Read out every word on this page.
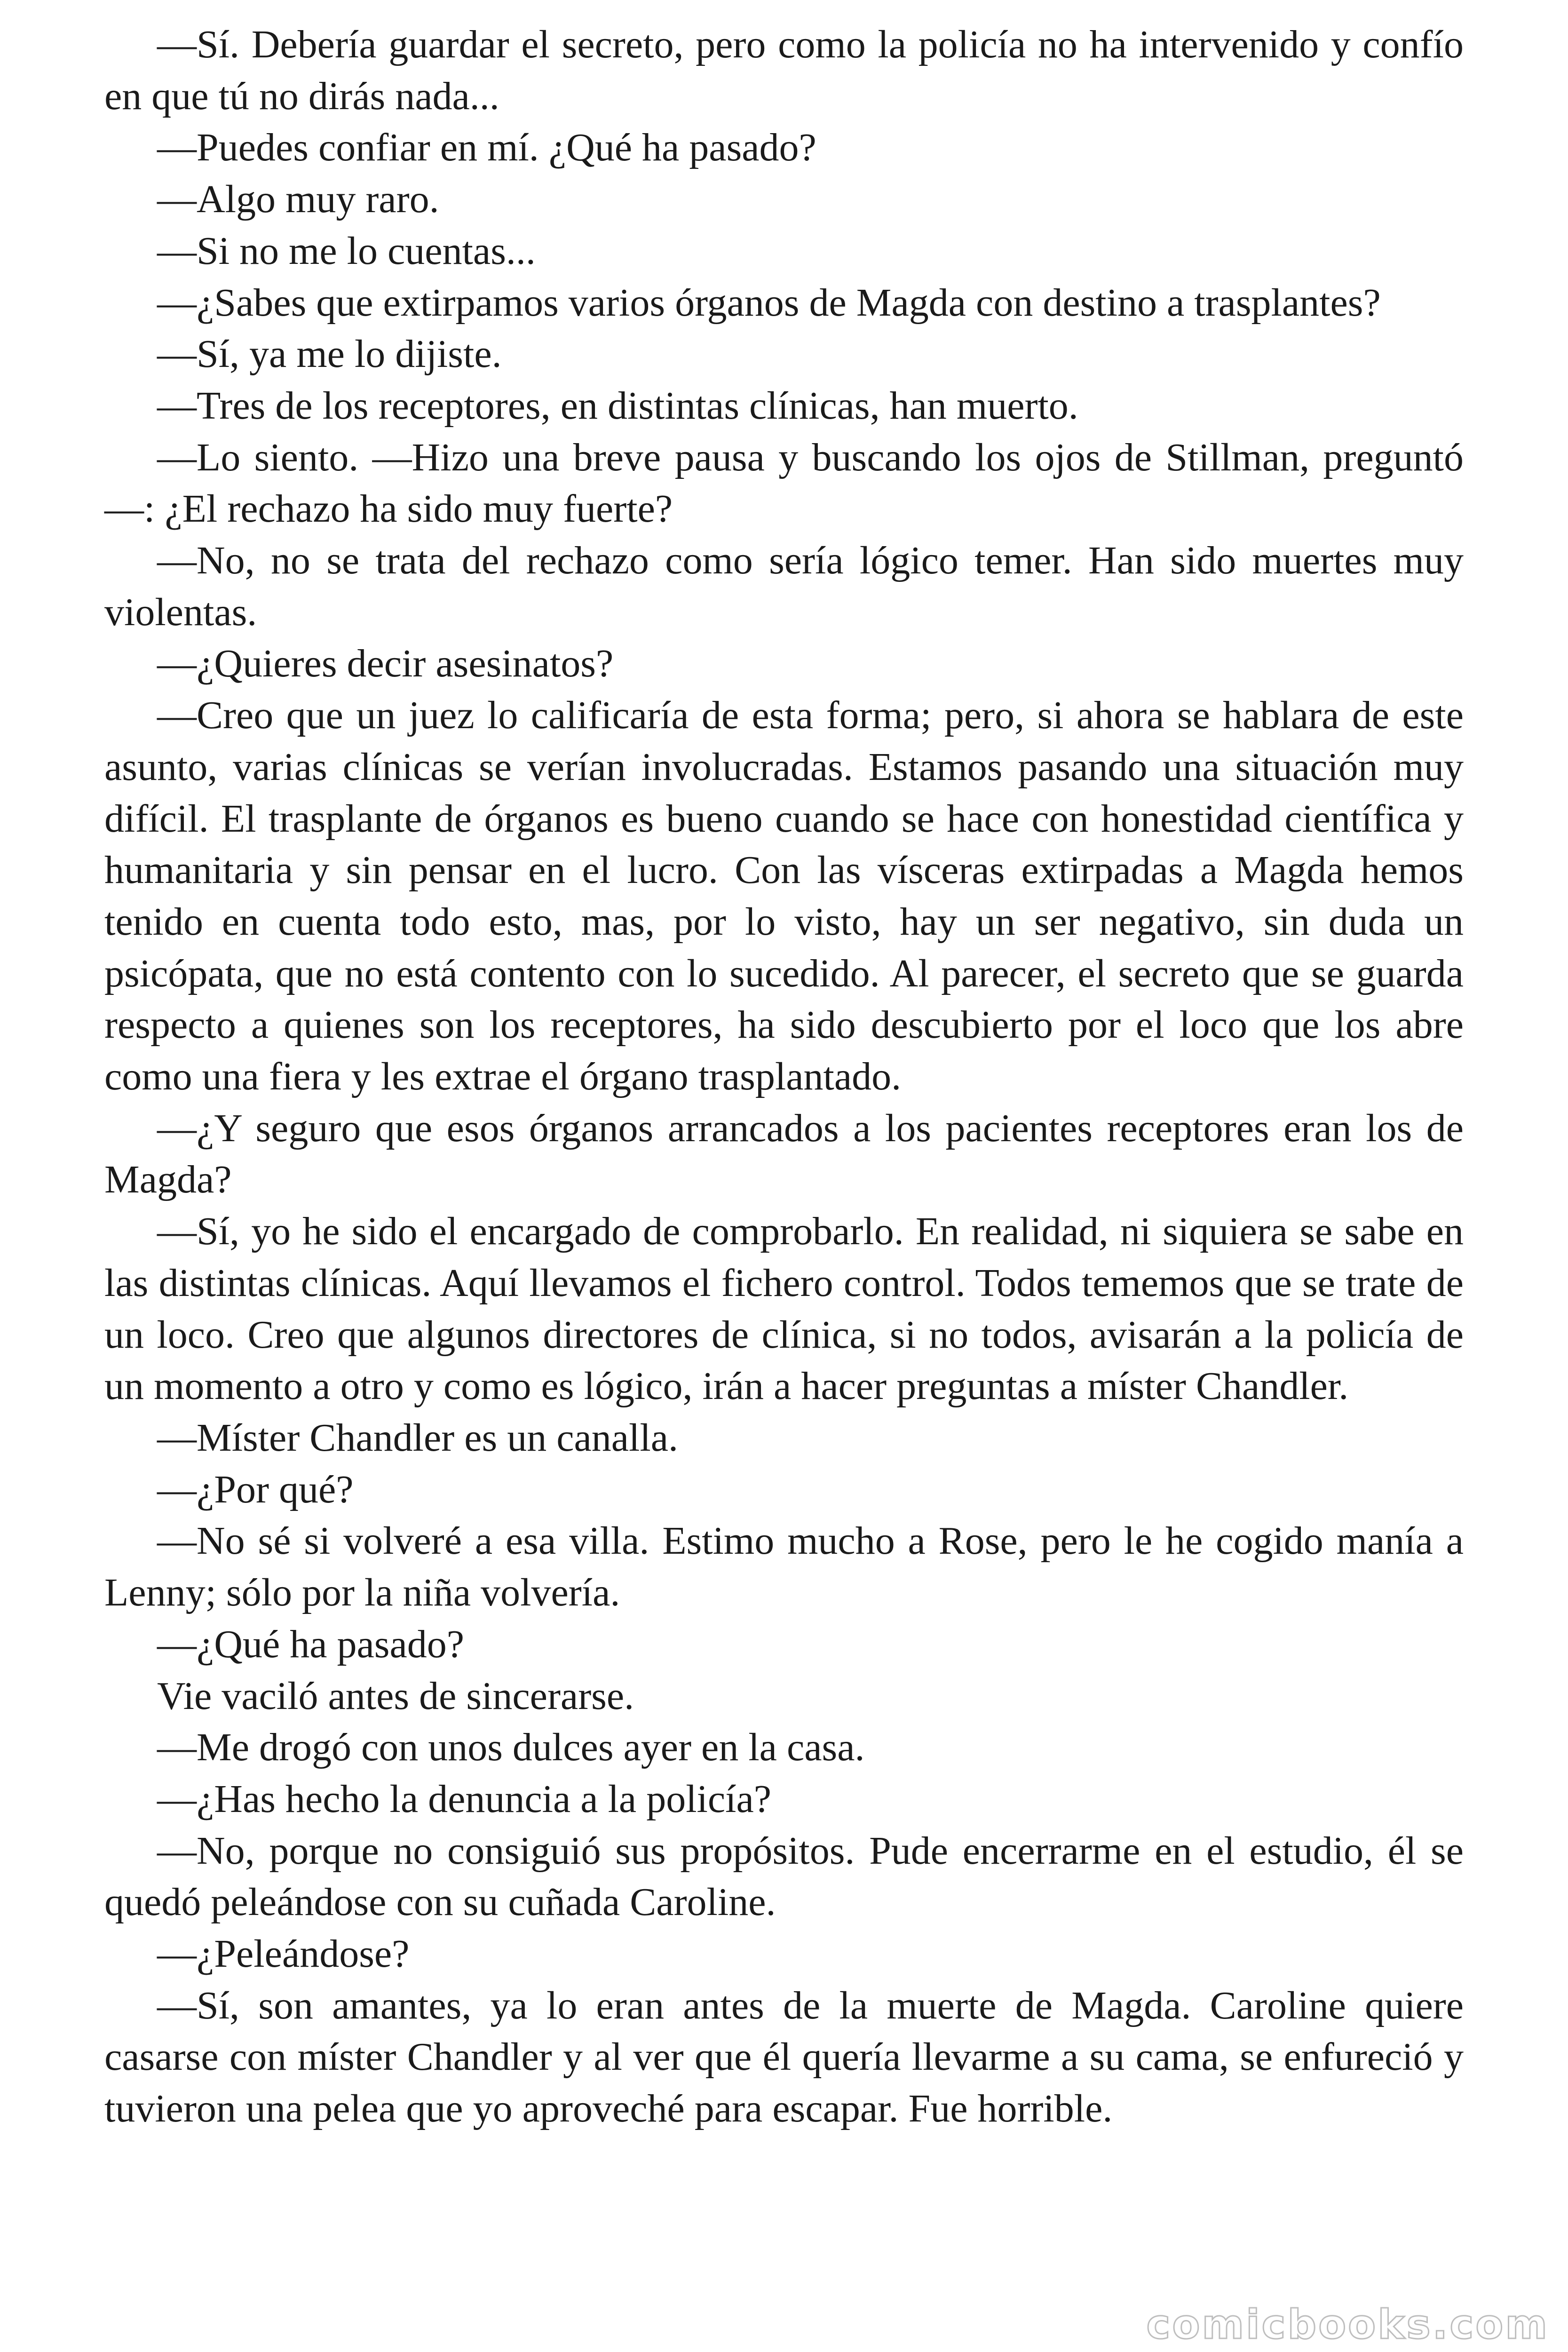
—Sí. Debería guardar el secreto, pero como la policía no ha intervenido y confío en que tú no dirás nada...

—Puedes confiar en mí. ¿Qué ha pasado?

—Algo muy raro.

—Si no me lo cuentas...

—¿Sabes que extirpamos varios órganos de Magda con destino a trasplantes?

—Sí, ya me lo dijiste.

—Tres de los receptores, en distintas clínicas, han muerto.

—Lo siento. —Hizo una breve pausa y buscando los ojos de Stillman, preguntó—: ¿El rechazo ha sido muy fuerte?

—No, no se trata del rechazo como sería lógico temer. Han sido muertes muy violentas.

—¿Quieres decir asesinatos?

—Creo que un juez lo calificaría de esta forma; pero, si ahora se hablara de este asunto, varias clínicas se verían involucradas. Estamos pasando una situación muy difícil. El trasplante de órganos es bueno cuando se hace con honestidad científica y humanitaria y sin pensar en el lucro. Con las vísceras extirpadas a Magda hemos tenido en cuenta todo esto, mas, por lo visto, hay un ser negativo, sin duda un psicópata, que no está contento con lo sucedido. Al parecer, el secreto que se guarda respecto a quienes son los receptores, ha sido descubierto por el loco que los abre como una fiera y les extrae el órgano trasplantado.

—¿Y seguro que esos órganos arrancados a los pacientes receptores eran los de Magda?

—Sí, yo he sido el encargado de comprobarlo. En realidad, ni siquiera se sabe en las distintas clínicas. Aquí llevamos el fichero control. Todos tememos que se trate de un loco. Creo que algunos directores de clínica, si no todos, avisarán a la policía de un momento a otro y como es lógico, irán a hacer preguntas a míster Chandler.

—Míster Chandler es un canalla.

—¿Por qué?

—No sé si volveré a esa villa. Estimo mucho a Rose, pero le he cogido manía a Lenny; sólo por la niña volvería.

—¿Qué ha pasado?

Vie vaciló antes de sincerarse.

—Me drogó con unos dulces ayer en la casa.

—¿Has hecho la denuncia a la policía?

—No, porque no consiguió sus propósitos. Pude encerrarme en el estudio, él se quedó peleándose con su cuñada Caroline.

—¿Peleándose?

—Sí, son amantes, ya lo eran antes de la muerte de Magda. Caroline quiere casarse con míster Chandler y al ver que él quería llevarme a su cama, se enfureció y tuvieron una pelea que yo aproveché para escapar. Fue horrible.

comicbooks.com
